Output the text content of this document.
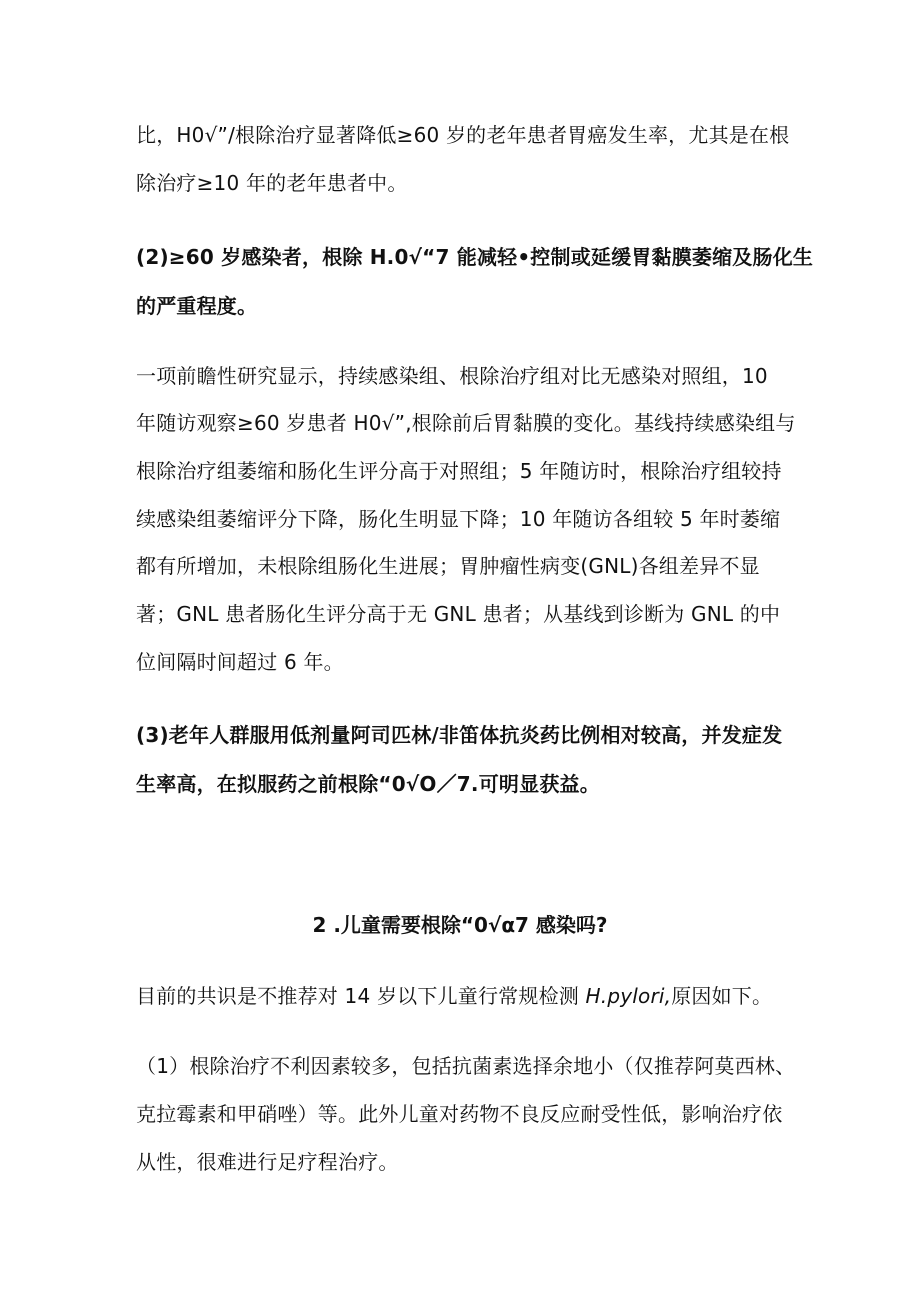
比，H0√”/根除治疗显著降低≥60 岁的老年患者胃癌发生率，尤其是在根
除治疗≥10 年的老年患者中。
(2)≥60 岁感染者，根除 H.0√“7 能减轻•控制或延缓胃黏膜萎缩及肠化生
的严重程度。
一项前瞻性研究显示，持续感染组、根除治疗组对比无感染对照组，10
年随访观察≥60 岁患者 H0√”,根除前后胃黏膜的变化。基线持续感染组与
根除治疗组萎缩和肠化生评分高于对照组；5 年随访时，根除治疗组较持
续感染组萎缩评分下降，肠化生明显下降；10 年随访各组较 5 年时萎缩
都有所增加，未根除组肠化生进展；胃肿瘤性病变(GNL)各组差异不显
著；GNL 患者肠化生评分高于无 GNL 患者；从基线到诊断为 GNL 的中
位间隔时间超过 6 年。
(3)老年人群服用低剂量阿司匹林/非笛体抗炎药比例相对较高，并发症发
生率高，在拟服药之前根除“0√O／7.可明显获益。
2 .儿童需要根除“0√α7 感染吗?
目前的共识是不推荐对 14 岁以下儿童行常规检测 H.pylori,原因如下。
（1）根除治疗不利因素较多，包括抗菌素选择余地小（仅推荐阿莫西林、
克拉霉素和甲硝唑）等。此外儿童对药物不良反应耐受性低，影响治疗依
从性，很难进行足疗程治疗。
